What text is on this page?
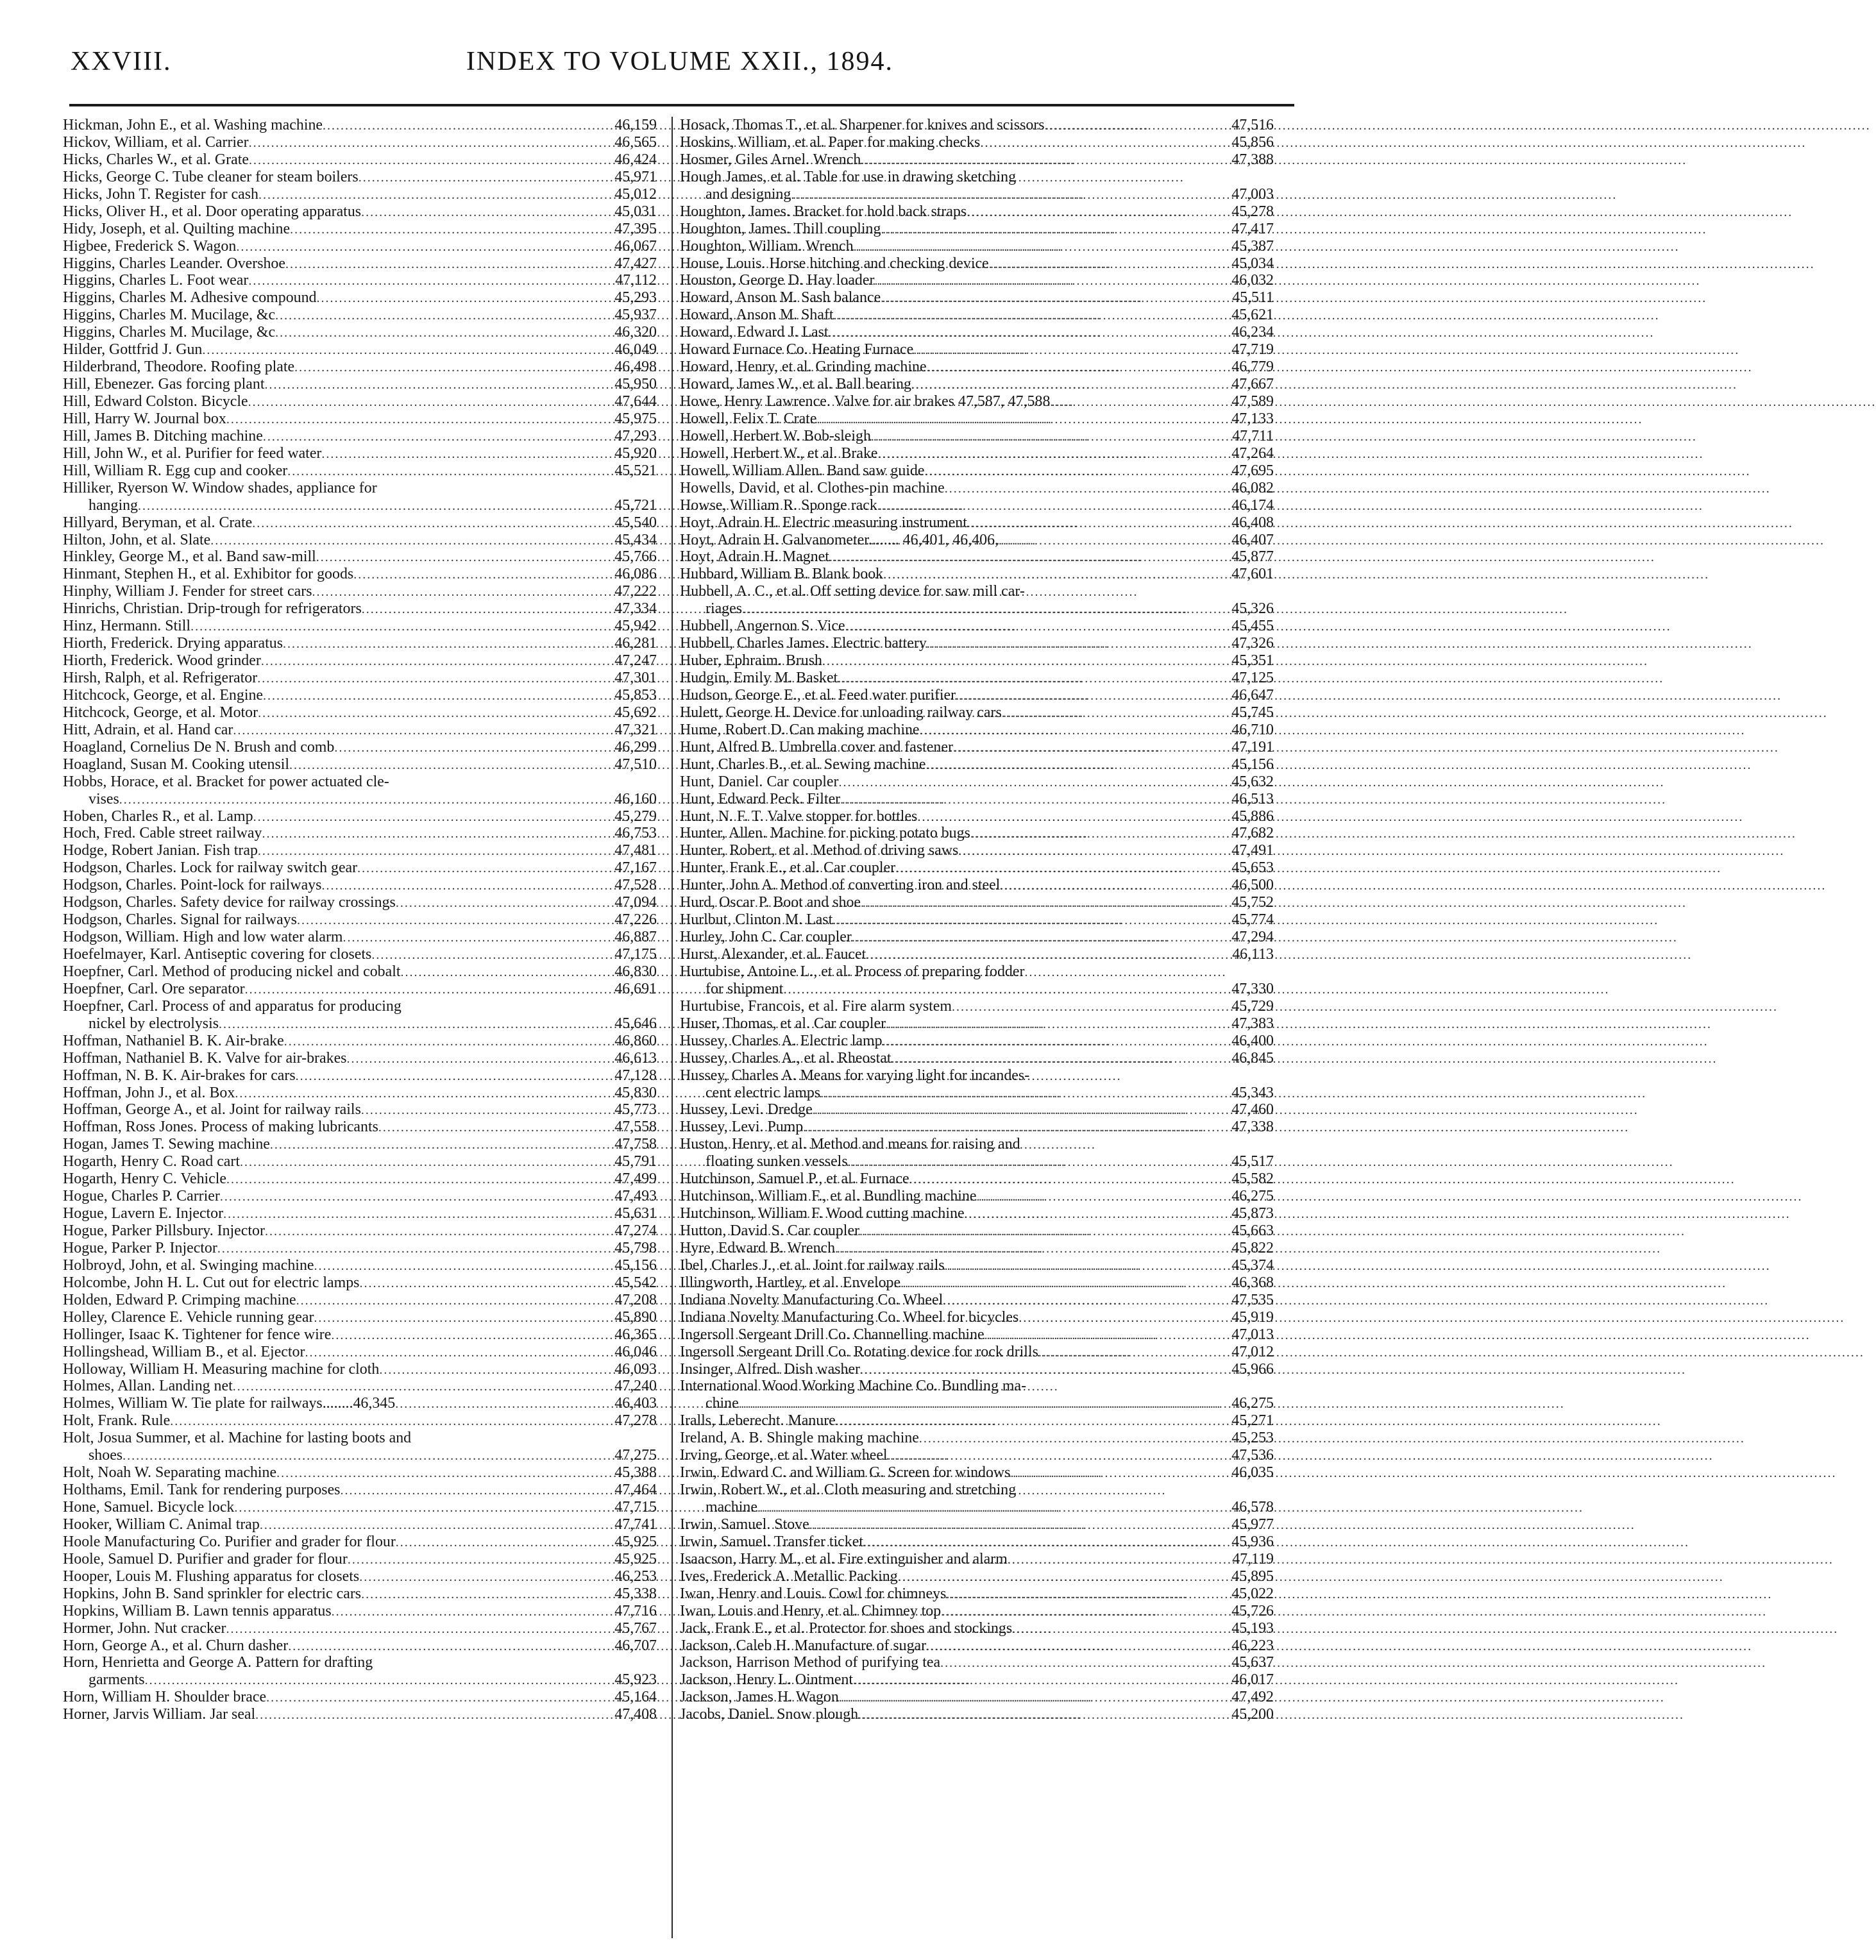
XXVIII.	INDEX TO VOLUME XXII., 1894.
Hickman, John E., et al. Washing machine .....	46,159
Hickov, William, et al. Carrier .....	46,565
Hicks, Charles W., et al. Grate .....	46,424
Hicks, George C. Tube cleaner for steam boilers .....	45,971
Hicks, John T. Register for cash .....	45,012
Hicks, Oliver H., et al. Door operating apparatus .....	45,031
Hidy, Joseph, et al. Quilting machine .....	47,395
Higbee, Frederick S. Wagon .....	46,067
Higgins, Charles Leander. Overshoe .....	47,427
Higgins, Charles L. Foot wear .....	47,112
Higgins, Charles M. Adhesive compound .....	45,293
Higgins, Charles M. Mucilage, &c .....	45,937
Higgins, Charles M. Mucilage, &c .....	46,320
Hilder, Gottfrid J. Gun .....	46,049
Hilderbrand, Theodore. Roofing plate .....	46,498
Hill, Ebenezer. Gas forcing plant .....	45,950
Hill, Edward Colston. Bicycle .....	47,644
Hill, Harry W. Journal box .....	45,975
Hill, James B. Ditching machine .....	47,293
Hill, John W., et al. Purifier for feed water .....	45,920
Hill, William R. Egg cup and cooker .....	45,521
Hilliker, Ryerson W. Window shades, appliance for
hanging .....	45,721
Hillyard, Beryman, et al. Crate .....	45,540
Hilton, John, et al. Slate .....	45,434
Hinkley, George M., et al. Band saw-mill .....	45,766
Hinmant, Stephen H., et al. Exhibitor for goods .....	46,086
Hinphy, William J. Fender for street cars .....	47,222
Hinrichs, Christian. Drip-trough for refrigerators .....	47,334
Hinz, Hermann. Still .....	45,942
Hiorth, Frederick. Drying apparatus .....	46,281
Hiorth, Frederick. Wood grinder .....	47,247
Hirsh, Ralph, et al. Refrigerator .....	47,301
Hitchcock, George, et al. Engine .....	45,853
Hitchcock, George, et al. Motor .....	45,692
Hitt, Adrain, et al. Hand car .....	47,321
Hoagland, Cornelius De N. Brush and comb .....	46,299
Hoagland, Susan M. Cooking utensil .....	47,510
Hobbs, Horace, et al. Bracket for power actuated cle-
vises .....	46,160
Hoben, Charles R., et al. Lamp .....	45,279
Hoch, Fred. Cable street railway .....	46,753
Hodge, Robert Janian. Fish trap .....	47,481
Hodgson, Charles. Lock for railway switch gear .....	47,167
Hodgson, Charles. Point-lock for railways .....	47,528
Hodgson, Charles. Safety device for railway crossings .....	47,094
Hodgson, Charles. Signal for railways .....	47,226
Hodgson, William. High and low water alarm .....	46,887
Hoefelmayer, Karl. Antiseptic covering for closets .....	47,175
Hoepfner, Carl. Method of producing nickel and cobalt .....	46,830
Hoepfner, Carl. Ore separator .....	46,691
Hoepfner, Carl. Process of and apparatus for producing
nickel by electrolysis .....	45,646
Hoffman, Nathaniel B. K. Air-brake .....	46,860
Hoffman, Nathaniel B. K. Valve for air-brakes .....	46,613
Hoffman, N. B. K. Air-brakes for cars .....	47,128
Hoffman, John J., et al. Box .....	45,830
Hoffman, George A., et al. Joint for railway rails .....	45,773
Hoffman, Ross Jones. Process of making lubricants .....	47,558
Hogan, James T. Sewing machine .....	47,758
Hogarth, Henry C. Road cart .....	45,791
Hogarth, Henry C. Vehicle .....	47,499
Hogue, Charles P. Carrier .....	47,493
Hogue, Lavern E. Injector .....	45,631
Hogue, Parker Pillsbury. Injector .....	47,274
Hogue, Parker P. Injector .....	45,798
Holbroyd, John, et al. Swinging machine .....	45,156
Holcombe, John H. L. Cut out for electric lamps .....	45,542
Holden, Edward P. Crimping machine .....	47,208
Holley, Clarence E. Vehicle running gear .....	45,890
Hollinger, Isaac K. Tightener for fence wire .....	46,365
Hollingshead, William B., et al. Ejector .....	46,046
Holloway, William H. Measuring machine for cloth .....	46,093
Holmes, Allan. Landing net .....	47,240
Holmes, William W. Tie plate for railways........46,345 .....	46,403
Holt, Frank. Rule .....	47,278
Holt, Josua Summer, et al. Machine for lasting boots and
shoes .....	47,275
Holt, Noah W. Separating machine .....	45,388
Holthams, Emil. Tank for rendering purposes .....	47,464
Hone, Samuel. Bicycle lock .....	47,715
Hooker, William C. Animal trap .....	47,741
Hoole Manufacturing Co. Purifier and grader for flour .....	45,925
Hoole, Samuel D. Purifier and grader for flour .....	45,925
Hooper, Louis M. Flushing apparatus for closets .....	46,253
Hopkins, John B. Sand sprinkler for electric cars .....	45,338
Hopkins, William B. Lawn tennis apparatus .....	47,716
Hormer, John. Nut cracker .....	45,767
Horn, George A., et al. Churn dasher .....	46,707
Horn, Henrietta and George A. Pattern for drafting
garments .....	45,923
Horn, William H. Shoulder brace .....	45,164
Horner, Jarvis William. Jar seal .....	47,408
Hosack, Thomas T., et al. Sharpener for knives and scissors .....	47,516
Hoskins, William, et al. Paper for making checks .....	45,856
Hosmer, Giles Arnel. Wrench .....	47,388
Hough James, et al. Table for use in drawing sketching
and designing .....	47,003
Houghton, James. Bracket for hold back straps .....	45,278
Houghton, James. Thill coupling .....	47,417
Houghton, William. Wrench .....	45,387
House, Louis. Horse hitching and checking device .....	45,034
Houston, George D. Hay loader .....	46,032
Howard, Anson M. Sash balance .....	45,511
Howard, Anson M. Shaft .....	45,621
Howard, Edward J. Last .....	46,234
Howard Furnace Co. Heating Furnace .....	47,719
Howard, Henry, et al. Grinding machine .....	46,779
Howard, James W., et al. Ball bearing .....	47,667
Howe, Henry Lawrence. Valve for air brakes 47,587, 47,588 .....	47,589
Howell, Felix T. Crate .....	47,133
Howell, Herbert W. Bob-sleigh .....	47,711
Howell, Herbert W., et al. Brake .....	47,264
Howell, William Allen. Band saw guide .....	47,695
Howells, David, et al. Clothes-pin machine .....	46,082
Howse, William R. Sponge rack .....	46,174
Hoyt, Adrain H. Electric measuring instrument .....	46,408
Hoyt, Adrain H. Galvanometer........ 46,401, 46,406, .....	46,407
Hoyt, Adrain H. Magnet .....	45,877
Hubbard, William B. Blank book .....	47,601
Hubbell, A. C., et al. Off setting device for saw mill car-
riages .....	45,326
Hubbell, Angernon S. Vice .....	45,455
Hubbell, Charles James. Electric battery .....	47,326
Huber, Ephraim. Brush .....	45,351
Hudgin, Emily M. Basket .....	47,125
Hudson, George E., et al. Feed water purifier .....	46,647
Hulett, George H. Device for unloading railway cars .....	45,745
Hume, Robert D. Can making machine .....	46,710
Hunt, Alfred B. Umbrella cover and fastener .....	47,191
Hunt, Charles B., et al. Sewing machine .....	45,156
Hunt, Daniel. Car coupler .....	45,632
Hunt, Edward Peck. Filter .....	46,513
Hunt, N. F. T. Valve stopper for bottles .....	45,886
Hunter, Allen. Machine for picking potato bugs .....	47,682
Hunter, Robert, et al. Method of driving saws .....	47,491
Hunter, Frank E., et al. Car coupler .....	45,653
Hunter, John A. Method of converting iron and steel .....	46,500
Hurd, Oscar P. Boot and shoe .....	45,752
Hurlbut, Clinton M. Last .....	45,774
Hurley, John C. Car coupler .....	47,294
Hurst, Alexander, et al. Faucet .....	46,113
Hurtubise, Antoine L., et al. Process of preparing fodder
for shipment .....	47,330
Hurtubise, Francois, et al. Fire alarm system .....	45,729
Huser, Thomas, et al. Car coupler .....	47,383
Hussey, Charles A. Electric lamp .....	46,400
Hussey, Charles A., et al. Rheostat .....	46,845
Hussey, Charles A. Means for varying light for incandes-
cent electric lamps .....	45,343
Hussey, Levi. Dredge .....	47,460
Hussey, Levi. Pump .....	47,338
Huston, Henry, et al. Method and means for raising and
floating sunken vessels .....	45,517
Hutchinson, Samuel P., et al. Furnace .....	45,582
Hutchinson, William F., et al. Bundling machine .....	46,275
Hutchinson, William F. Wood cutting machine .....	45,873
Hutton, David S. Car coupler .....	45,663
Hyre, Edward B. Wrench .....	45,822
Ibel, Charles J., et al. Joint for railway rails .....	45,374
Illingworth, Hartley, et al. Envelope .....	46,368
Indiana Novelty Manufacturing Co. Wheel .....	47,535
Indiana Novelty Manufacturing Co. Wheel for bicycles .....	45,919
Ingersoll Sergeant Drill Co. Channelling machine .....	47,013
Ingersoll Sergeant Drill Co. Rotating device for rock drills .....	47,012
Insinger, Alfred. Dish washer .....	45,966
International Wood Working Machine Co. Bundling ma-
chine .....	46,275
Iralls, Leberecht. Manure .....	45,271
Ireland, A. B. Shingle making machine .....	45,253
Irving, George, et al. Water wheel .....	47,536
Irwin, Edward C. and William G. Screen for windows .....	46,035
Irwin, Robert W., et al. Cloth measuring and stretching
machine .....	46,578
Irwin, Samuel. Stove .....	45,977
Irwin, Samuel. Transfer ticket .....	45,936
Isaacson, Harry M., et al. Fire extinguisher and alarm .....	47,119
Ives, Frederick A. Metallic Packing .....	45,895
Iwan, Henry and Louis. Cowl for chimneys .....	45,022
Iwan, Louis and Henry, et al. Chimney top .....	45,726
Jack, Frank E., et al. Protector for shoes and stockings .....	45,193
Jackson, Caleb H. Manufacture of sugar .....	46,223
Jackson, Harrison Method of purifying tea .....	45,637
Jackson, Henry L. Ointment .....	46,017
Jackson, James H. Wagon .....	47,492
Jacobs, Daniel. Snow plough .....	45,200
